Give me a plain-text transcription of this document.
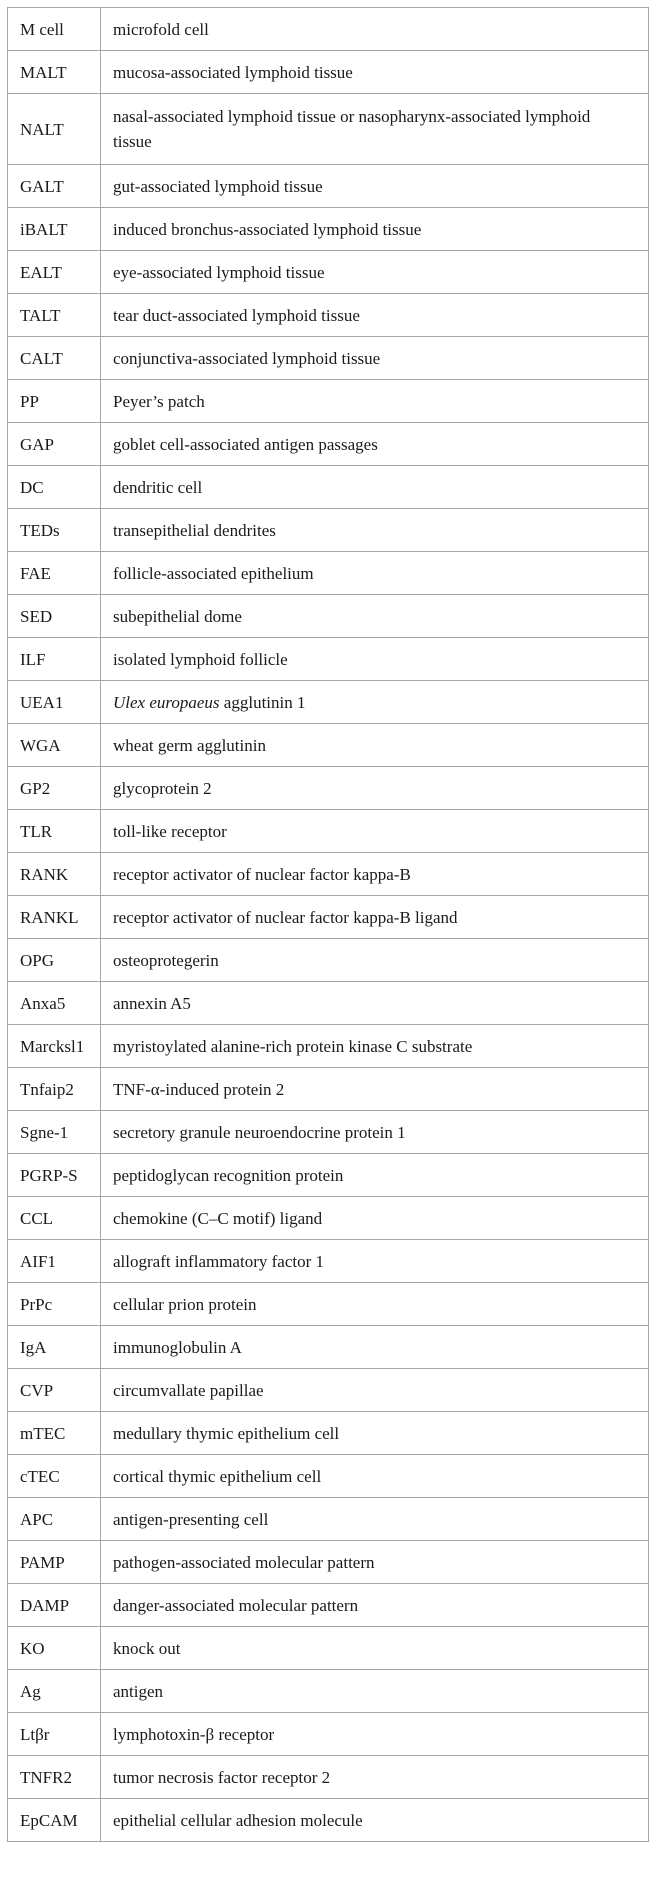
M cell	microfold cell
MALT	mucosa-associated lymphoid tissue
NALT	nasal-associated lymphoid tissue or nasopharynx-associated lymphoid tissue
GALT	gut-associated lymphoid tissue
iBALT	induced bronchus-associated lymphoid tissue
EALT	eye-associated lymphoid tissue
TALT	tear duct-associated lymphoid tissue
CALT	conjunctiva-associated lymphoid tissue
PP	Peyer’s patch
GAP	goblet cell-associated antigen passages
DC	dendritic cell
TEDs	transepithelial dendrites
FAE	follicle-associated epithelium
SED	subepithelial dome
ILF	isolated lymphoid follicle
UEA1	Ulex europaeus agglutinin 1
WGA	wheat germ agglutinin
GP2	glycoprotein 2
TLR	toll-like receptor
RANK	receptor activator of nuclear factor kappa-B
RANKL	receptor activator of nuclear factor kappa-B ligand
OPG	osteoprotegerin
Anxa5	annexin A5
Marcksl1	myristoylated alanine-rich protein kinase C substrate
Tnfaip2	TNF-α-induced protein 2
Sgne-1	secretory granule neuroendocrine protein 1
PGRP-S	peptidoglycan recognition protein
CCL	chemokine (C–C motif) ligand
AIF1	allograft inflammatory factor 1
PrPc	cellular prion protein
IgA	immunoglobulin A
CVP	circumvallate papillae
mTEC	medullary thymic epithelium cell
cTEC	cortical thymic epithelium cell
APC	antigen-presenting cell
PAMP	pathogen-associated molecular pattern
DAMP	danger-associated molecular pattern
KO	knock out
Ag	antigen
Ltβr	lymphotoxin-β receptor
TNFR2	tumor necrosis factor receptor 2
EpCAM	epithelial cellular adhesion molecule
